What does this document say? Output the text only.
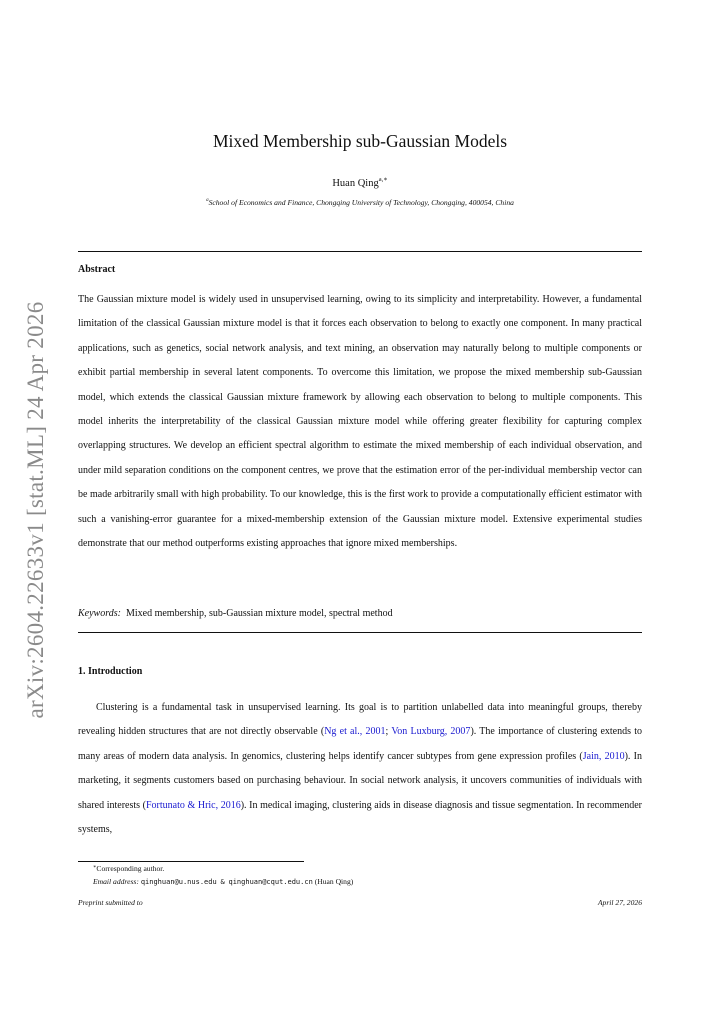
arXiv:2604.22633v1 [stat.ML] 24 Apr 2026
Mixed Membership sub-Gaussian Models
Huan Qing$^{a,∗}$
$^a$School of Economics and Finance, Chongqing University of Technology, Chongqing, 400054, China
Abstract
The Gaussian mixture model is widely used in unsupervised learning, owing to its simplicity and interpretability. However, a fundamental limitation of the classical Gaussian mixture model is that it forces each observation to belong to exactly one component. In many practical applications, such as genetics, social network analysis, and text mining, an observation may naturally belong to multiple components or exhibit partial membership in several latent components. To overcome this limitation, we propose the mixed membership sub-Gaussian model, which extends the classical Gaussian mixture framework by allowing each observation to belong to multiple components. This model inherits the interpretability of the classical Gaussian mixture model while offering greater flexibility for capturing complex overlapping structures. We develop an efficient spectral algorithm to estimate the mixed membership of each individual observation, and under mild separation conditions on the component centres, we prove that the estimation error of the per-individual membership vector can be made arbitrarily small with high probability. To our knowledge, this is the first work to provide a computationally efficient estimator with such a vanishing-error guarantee for a mixed-membership extension of the Gaussian mixture model. Extensive experimental studies demonstrate that our method outperforms existing approaches that ignore mixed memberships.
Keywords: Mixed membership, sub-Gaussian mixture model, spectral method
1. Introduction
Clustering is a fundamental task in unsupervised learning. Its goal is to partition unlabelled data into meaningful groups, thereby revealing hidden structures that are not directly observable (Ng et al., 2001; Von Luxburg, 2007). The importance of clustering extends to many areas of modern data analysis. In genomics, clustering helps identify cancer subtypes from gene expression profiles (Jain, 2010). In marketing, it segments customers based on purchasing behaviour. In social network analysis, it uncovers communities of individuals with shared interests (Fortunato & Hric, 2016). In medical imaging, clustering aids in disease diagnosis and tissue segmentation. In recommender systems,
∗Corresponding author.
Email address: qinghuan@u.nus.edu & qinghuan@cqut.edu.cn (Huan Qing)
Preprint submitted to	April 27, 2026
